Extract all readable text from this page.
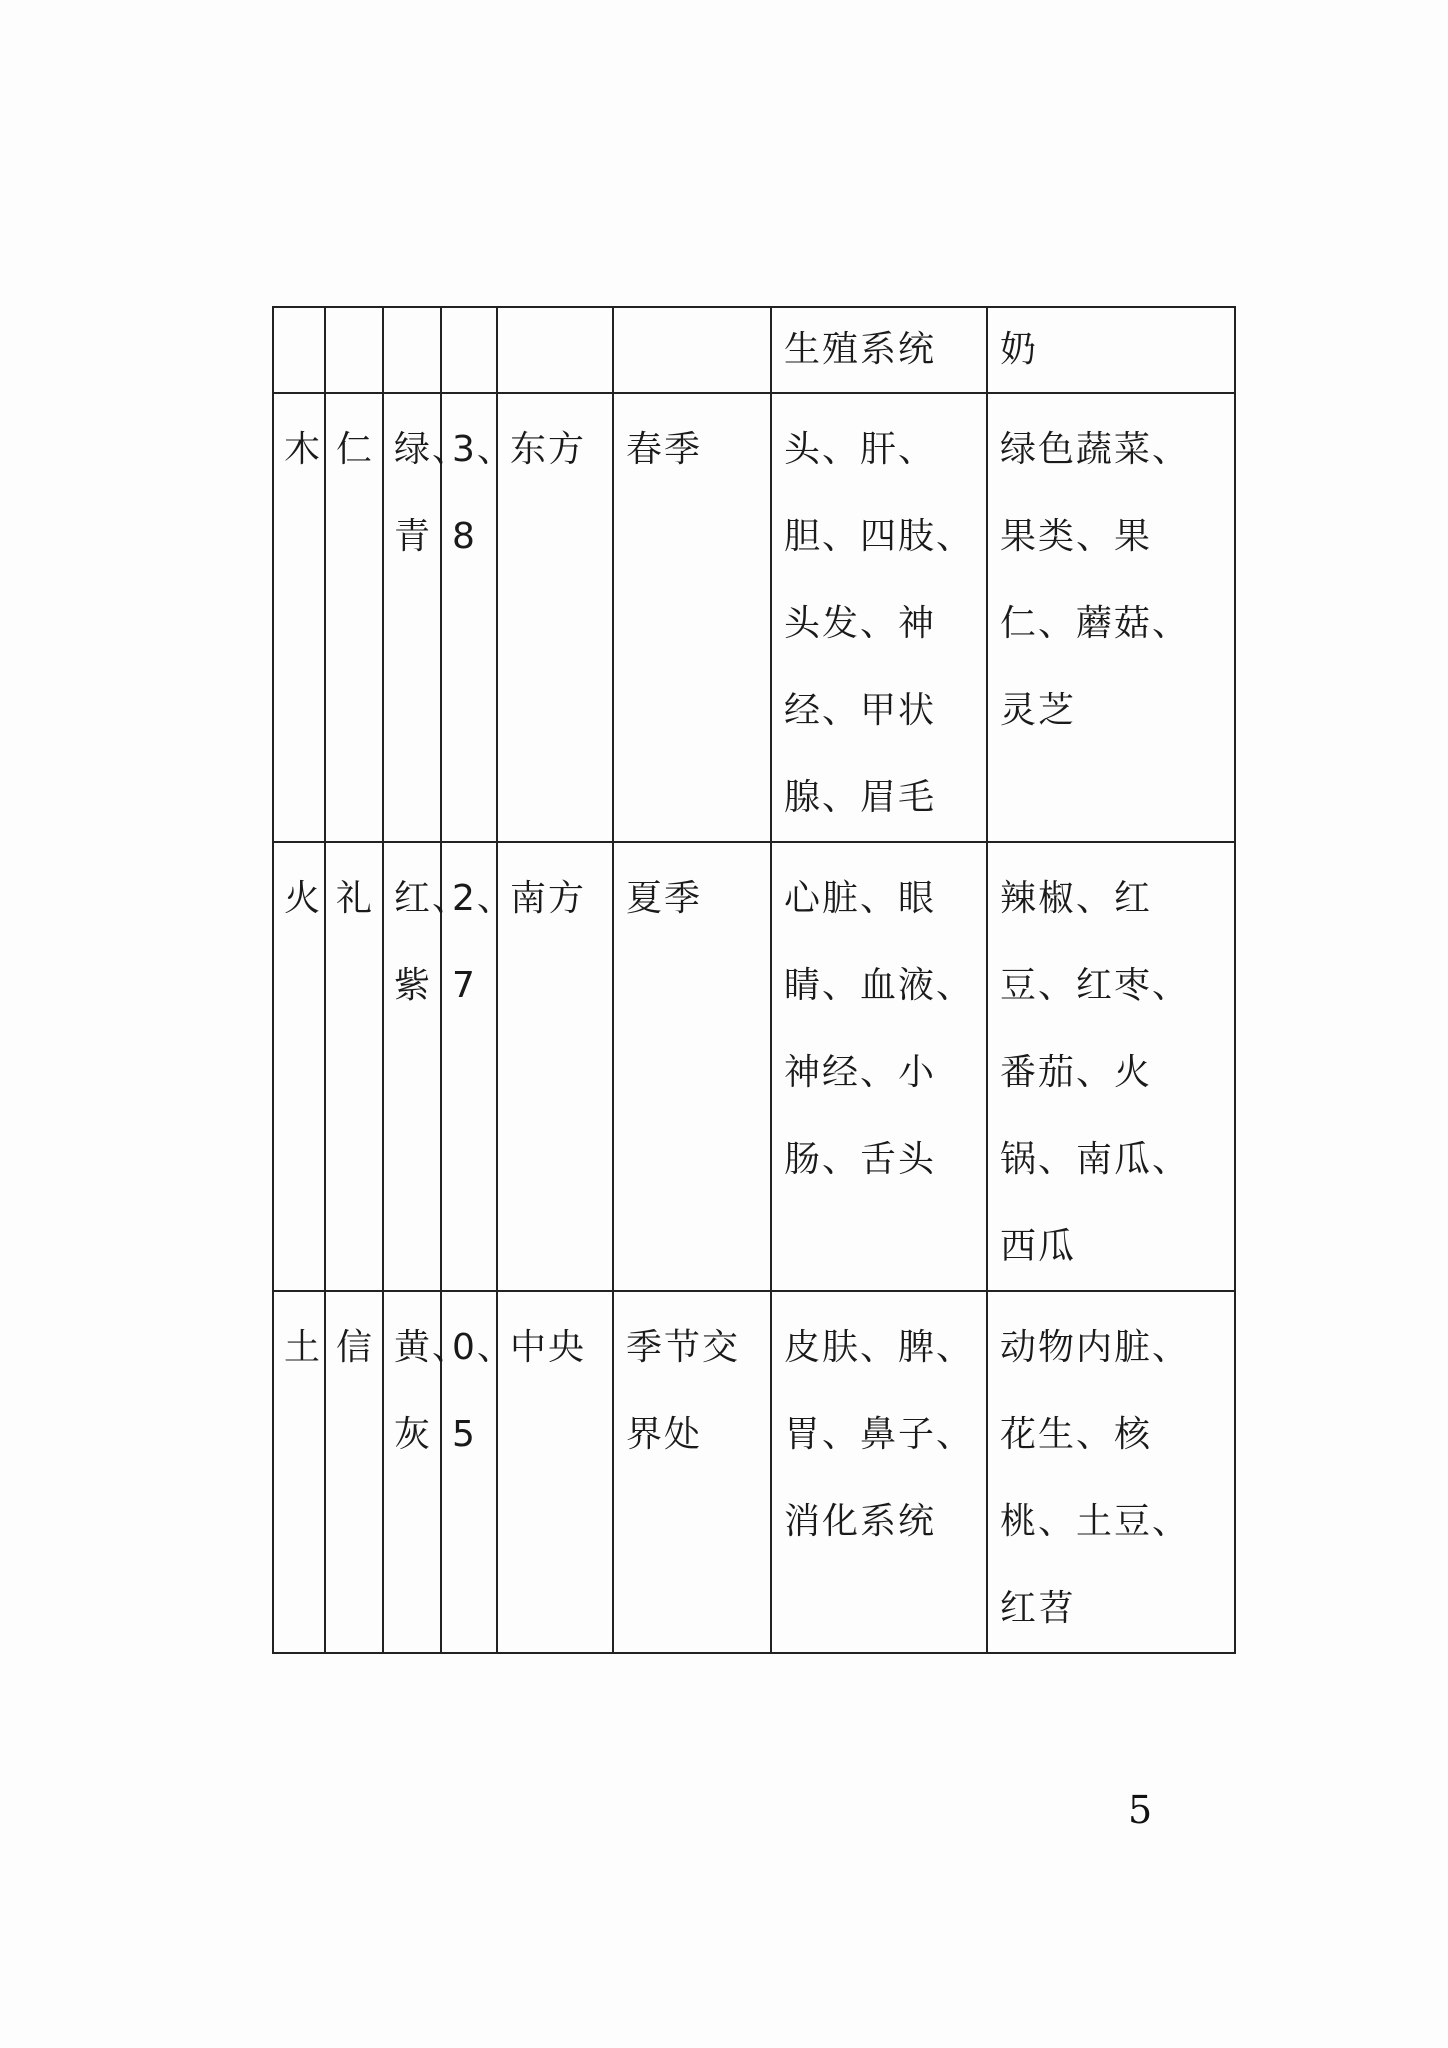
						生殖系统	奶

木	仁	绿、青	3、8	东方	春季	头、肝、胆、四肢、头发、神经、甲状腺、眉毛	绿色蔬菜、果类、果仁、蘑菇、灵芝

火	礼	红、紫	2、7	南方	夏季	心脏、眼睛、血液、神经、小肠、舌头	辣椒、红豆、红枣、番茄、火锅、南瓜、西瓜

土	信	黄、灰	0、5	中央	季节交界处	皮肤、脾、胃、鼻子、消化系统	动物内脏、花生、核桃、土豆、红苕
5
